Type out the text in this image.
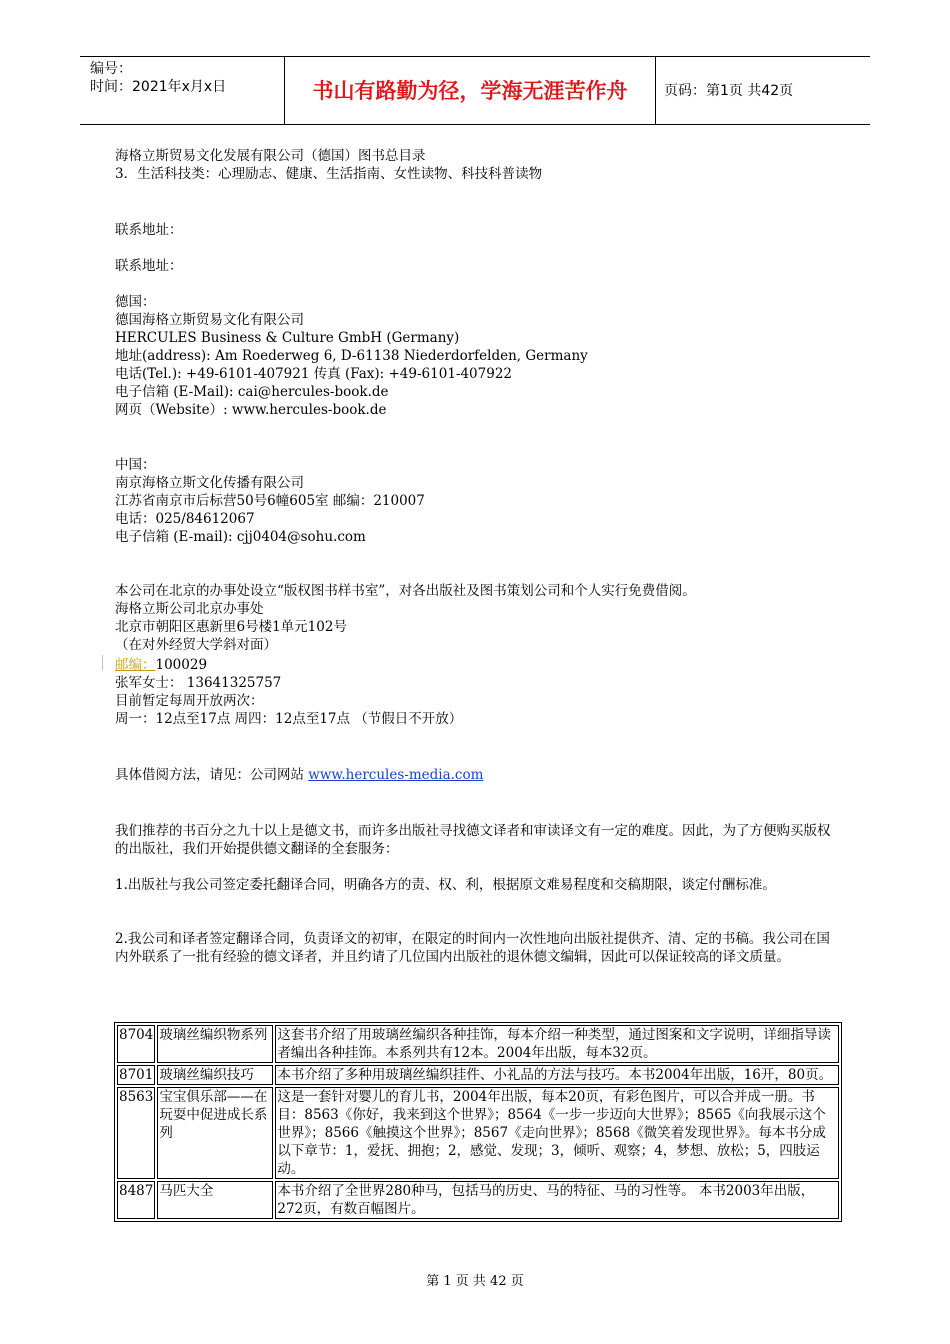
编号：
时间：2021年x月x日	书山有路勤为径，学海无涯苦作舟	页码：第1页 共42页
海格立斯贸易文化发展有限公司（德国）图书总目录
3．生活科技类：心理励志、健康、生活指南、女性读物、科技科普读物
联系地址：
联系地址：
德国：
德国海格立斯贸易文化有限公司
HERCULES Business & Culture GmbH (Germany)
地址(address): Am Roederweg 6, D-61138 Niederdorfelden, Germany
电话(Tel.): +49-6101-407921 传真 (Fax): +49-6101-407922
电子信箱 (E-Mail): cai@hercules-book.de
网页（Website）: www.hercules-book.de
中国：
南京海格立斯文化传播有限公司
江苏省南京市后标营50号6幢605室 邮编：210007
电话：025/84612067
电子信箱 (E-mail): cjj0404@sohu.com
本公司在北京的办事处设立“版权图书样书室”，对各出版社及图书策划公司和个人实行免费借阅。
海格立斯公司北京办事处
北京市朝阳区惠新里6号楼1单元102号
（在对外经贸大学斜对面）
邮编：100029
张军女士： 13641325757
目前暂定每周开放两次：
周一：12点至17点 周四：12点至17点 （节假日不开放）
具体借阅方法，请见：公司网站 www.hercules-media.com
我们推荐的书百分之九十以上是德文书，而许多出版社寻找德文译者和审读译文有一定的难度。因此，为了方便购买版权的出版社，我们开始提供德文翻译的全套服务：
1.出版社与我公司签定委托翻译合同，明确各方的责、权、利，根据原文难易程度和交稿期限，谈定付酬标准。
2.我公司和译者签定翻译合同，负责译文的初审，在限定的时间内一次性地向出版社提供齐、清、定的书稿。我公司在国内外联系了一批有经验的德文译者，并且约请了几位国内出版社的退休德文编辑，因此可以保证较高的译文质量。
8704	玻璃丝编织物系列	这套书介绍了用玻璃丝编织各种挂饰，每本介绍一种类型，通过图案和文字说明，详细指导读者编出各种挂饰。本系列共有12本。2004年出版，每本32页。
8701	玻璃丝编织技巧	本书介绍了多种用玻璃丝编织挂件、小礼品的方法与技巧。本书2004年出版，16开，80页。
8563	宝宝俱乐部——在玩耍中促进成长系列	这是一套针对婴儿的育儿书，2004年出版，每本20页，有彩色图片，可以合并成一册。书目：8563《你好，我来到这个世界》；8564《一步一步迈向大世界》；8565《向我展示这个世界》；8566《触摸这个世界》；8567《走向世界》；8568《微笑着发现世界》。每本书分成以下章节：1，爱抚、拥抱；2，感觉、发现；3，倾听、观察；4，梦想、放松；5，四肢运动。
8487	马匹大全	本书介绍了全世界280种马，包括马的历史、马的特征、马的习性等。 本书2003年出版，272页，有数百幅图片。
第 1 页 共 42 页
